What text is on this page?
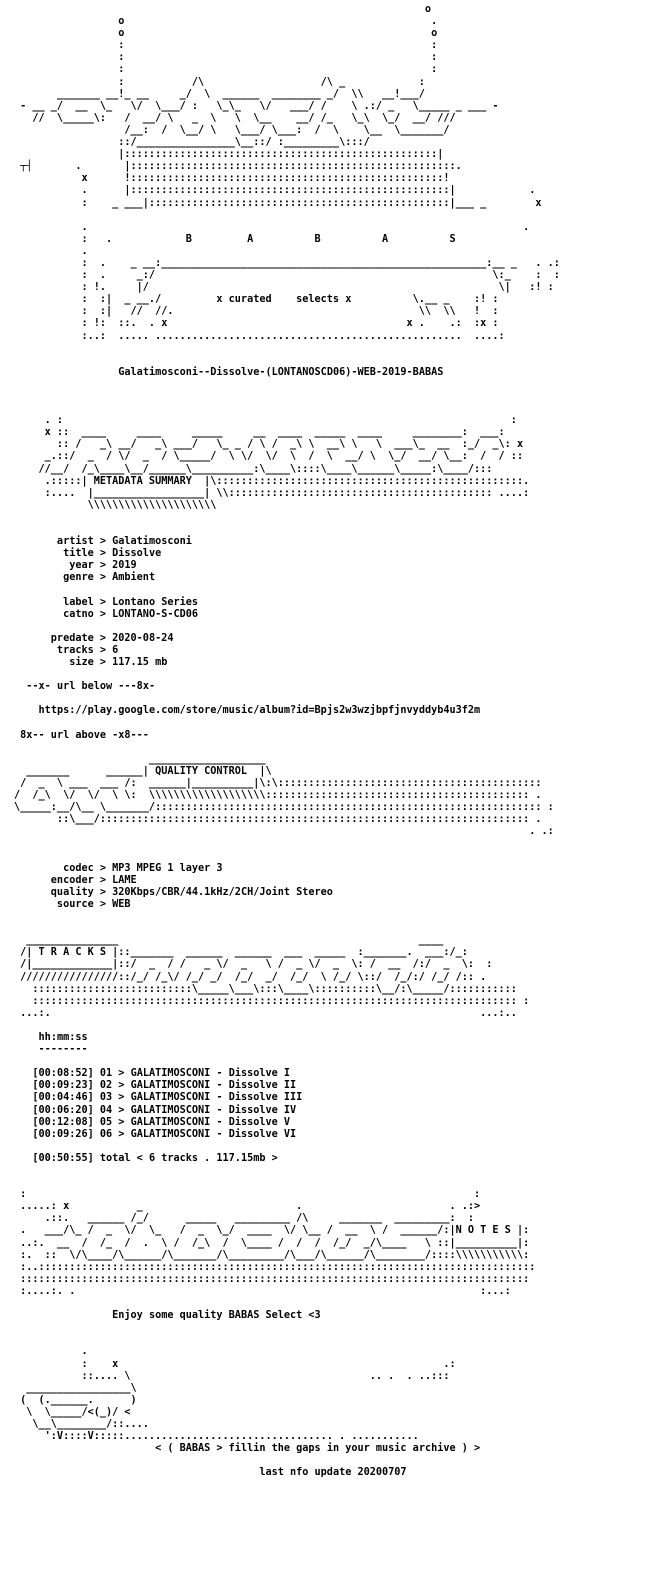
o
o                                                  .
o                                                  o
:                                                  :
:                                                  :
:                                                  :
:           /\                   /\ _            :
_______ __!_ __     _/  \  ______  ________ _/  \\   __!___/
- __ _/  __  \_   \/  \___/ :   \_\_   \/   ___/ /    \ .:/ _   \_____ _ ___ -
//  \_____\:   /  __/ \   _  \   \  \__    __/ /_   \_\  \_/  __/ ///
/__:  /  \__/ \   \___/ \___:  /  \    \__  \_______/
::/________________\__::/ :_________\:::/
|:::::::::::::::::::::::::::::::::::::::::::::::::::|
┬┤       .       |:::::::::::::::::::::::::::::::::::::::::::::::::::::.
x      !:::::::::::::::::::::::::::::::::::::::::::::::::::!
.      |::::::::::::::::::::::::::::::::::::::::::::::::::::|            .
:    _ ___|:::::::::::::::::::::::::::::::::::::::::::::::::|___ _        x

.                                                                       .
:   .            B         A          B          A          S
.
:  .    _ __:_____________________________________________________:__ _   . .:
:  .     _:/                                                       \:_    :  :
: !.     |/                                                         \|   :! :
:  :|  _ __./         x curated    selects x          \.__ _    :! :
:  :|   //  //.                                        \\  \\   !  :
: !:  ::.  . x                                       x .    .:  :x :
:..:  ..... ..................................................  ....:
Galatimosconi--Dissolve-(LONTANOSCD06)-WEB-2019-BABAS
. :                                                                         :
x ::  ____     ____     _____     __  ____  _____  ____     ________:  ___:
:: /   _\ __/   _\ ___/   \_ _ / \ /  _\ \  __\ \   \  ___\_  __  :_/  _\: x
_.::/  _  / \/  _  / \_____/  \ \/  \/  \  /  \  __/ \  \_/  __/ \__:  /  / ::
//__/  /_\____\__/______\__________:\____\::::\____\______\_____:\____/:::
.:::::| METADATA SUMMARY  |\::::::::::::::::::::::::::::::::::::::::::::::::::.
:....  |__________________| \\::::::::::::::::::::::::::::::::::::::::::: ....:
\\\\\\\\\\\\\\\\\\\\\
artist > Galatimosconi
title > Dissolve
year > 2019
genre > Ambient
label > Lontano Series
catno > LONTANO-S-CD06
predate > 2020-08-24
tracks > 6
size > 117.15 mb
--x- url below ---8x-
https://play.google.com/store/music/album?id=Bpjs2w3wzjbpfjnvyddyb4u3f2m
8x-- url above -x8---
___________________
_______      ______| QUALITY CONTROL  |\
/  _  \ ___  ___ /:  ______|__________|\:\:::::::::::::::::::::::::::::::::::::::::::
/  /_\  \/  \/  \ \:  \\\\\\\\\\\\\\\\\\\::::::::::::::::::::::::::::::::::::::::::: .
\_____:__/\__ \_______/::::::::::::::::::::::::::::::::::::::::::::::::::::::::::::::: :
::\___/:::::::::::::::::::::::::::::::::::::::::::::::::::::::::::::::::::::: .
. .:
codec > MP3 MPEG 1 layer 3
encoder > LAME
quality > 320Kbps/CBR/44.1kHz/2CH/Joint Stereo
source > WEB
_______________                                                 ____
/| T R A C K S |::_______  ______  ______  ___  _____  :_______.  ___:/_:
/|_____________|::/  _  / /   _ \/  _   \ /  _ \/  _  \: /  __  /:/  _  \:  :
////////////////::/_/ /_\/ /_/ _/  /_/  _/  /_/  \ /_/ \::/  /_/:/ /_/ /:: .
::::::::::::::::::::::::::\_____\___\:::\____\::::::::::\__/:\_____/:::::::::::
::::::::::::::::::::::::::::::::::::::::::::::::::::::::::::::::::::::::::::::: :
...:.                                                                      ...:..
hh:mm:ss
--------
[00:08:52] 01 > GALATIMOSCONI - Dissolve I
[00:09:23] 02 > GALATIMOSCONI - Dissolve II
[00:04:46] 03 > GALATIMOSCONI - Dissolve III
[00:06:20] 04 > GALATIMOSCONI - Dissolve IV
[00:12:08] 05 > GALATIMOSCONI - Dissolve V
[00:09:26] 06 > GALATIMOSCONI - Dissolve VI
[00:50:55] total < 6 tracks . 117.15mb >
:                                                                         :
.....: x           _                         .                        . .:>
.::.   ______ /_/      _____   _________ /\     _______  _________:  :
.   ___/\_ /  _  \/  \_   /  _  \_/  ____  \/ \__ /  __  \ /  ______/:|N O T E S |:
..:.  __  /  /_  /  .  \ /  /_\  /  \____ /  /  /  /_/  _/\____   \ ::|__________|:
:.  ::  \/\____/\______/\_______/\_________/\___/\______/\________/::::\\\\\\\\\\\:
:..:::::::::::::::::::::::::::::::::::::::::::::::::::::::::::::::::::::::::::::::::
:::::::::::::::::::::::::::::::::::::::::::::::::::::::::::::::::::::::::::::::::::
:....:. .                                                                  :...:
Enjoy some quality BABAS Select <3
.
:    x                                                     .:
::.... \                                       .. .  . ..:::
_________________\
(  (.______.      )
\  \_____/<(_)/ <
\__\________/::....
':V::::V:::::.................................. . ...........
< ( BABAS > fillin the gaps in your music archive ) >
last nfo update 20200707
